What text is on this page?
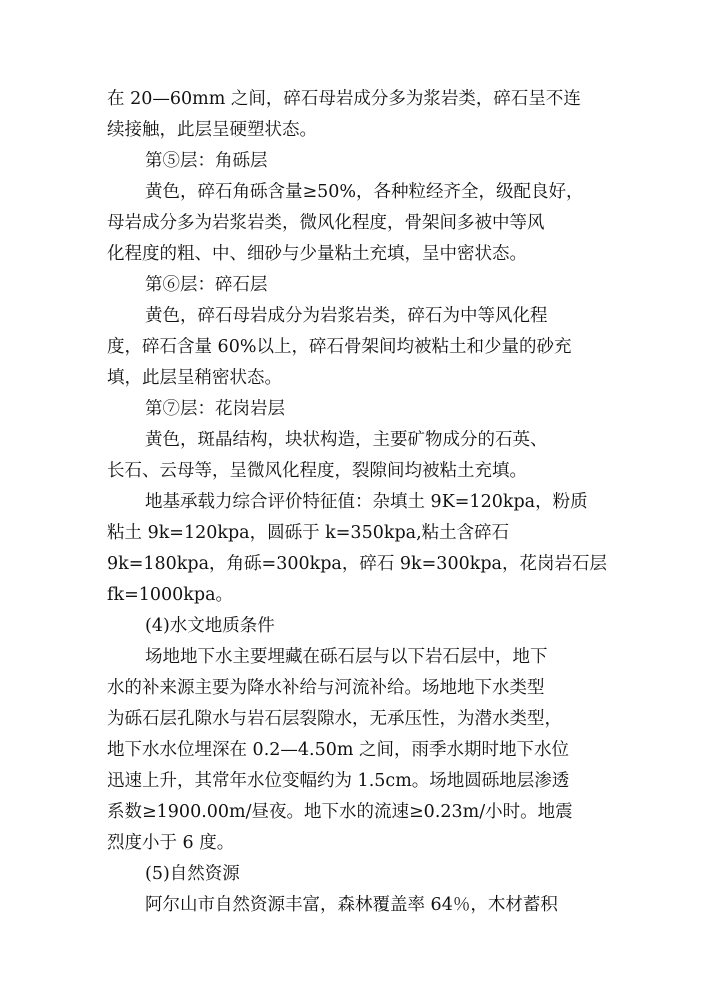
在 20—60mm 之间，碎石母岩成分多为浆岩类，碎石呈不连
续接触，此层呈硬塑状态。
第⑤层：角砾层
黄色，碎石角砾含量≥50%，各种粒经齐全，级配良好，
母岩成分多为岩浆岩类，微风化程度，骨架间多被中等风
化程度的粗、中、细砂与少量粘土充填，呈中密状态。
第⑥层：碎石层
黄色，碎石母岩成分为岩浆岩类，碎石为中等风化程
度，碎石含量 60%以上，碎石骨架间均被粘土和少量的砂充
填，此层呈稍密状态。
第⑦层：花岗岩层
黄色，斑晶结构，块状构造，主要矿物成分的石英、
长石、云母等，呈微风化程度，裂隙间均被粘土充填。
地基承载力综合评价特征值：杂填土 9K=120kpa，粉质
粘土 9k=120kpa，圆砾于 k=350kpa,粘土含碎石
9k=180kpa，角砾=300kpa，碎石 9k=300kpa，花岗岩石层
fk=1000kpa。
(4)水文地质条件
场地地下水主要埋藏在砾石层与以下岩石层中，地下
水的补来源主要为降水补给与河流补给。场地地下水类型
为砾石层孔隙水与岩石层裂隙水，无承压性，为潜水类型，
地下水水位埋深在 0.2—4.50m 之间，雨季水期时地下水位
迅速上升，其常年水位变幅约为 1.5cm。场地圆砾地层渗透
系数≥1900.00m/昼夜。地下水的流速≥0.23m/小时。地震
烈度小于 6 度。
(5)自然资源
阿尔山市自然资源丰富，森林覆盖率 64％，木材蓄积
